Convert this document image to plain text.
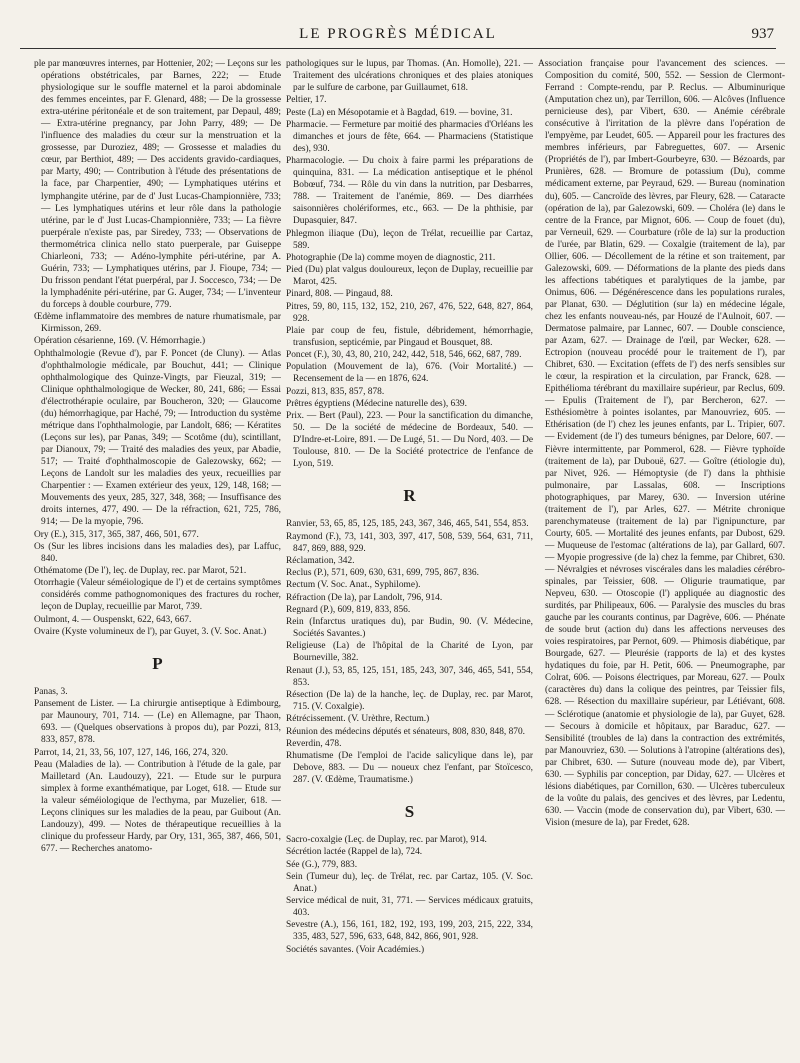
LE PROGRÈS MÉDICAL	937
ple par manœuvres internes, par Hottenier, 202; — Leçons sur les opérations obstétricales, par Barnes, 222; — Etude physiologique sur le souffle maternel et la paroi abdominale des femmes enceintes, par F. Glenard, 488; — De la grossesse extra-utérine péritonéale et de son traitement, par Depaul, 489; — Extra-utérine pregnancy, par John Parry, 489; — De l'influence des maladies du cœur sur la menstruation et la grossesse, par Duroziez, 489; — Grossesse et maladies du cœur, par Berthiot, 489; — Des accidents gravido-cardiaques, par Marty, 490; — Contribution à l'étude des présentations de la face, par Charpentier, 490; — Lymphatiques utérins et lymphangite utérine, par de d' Just Lucas-Championnière, 733; — Les lymphatiques utérins et leur rôle dans la pathologie utérine, par le d' Just Lucas-Championnière, 733; — La fièvre puerpérale n'existe pas, par Siredey, 733; — Observations de thermométrica clinica nello stato puerperale, par Guiseppe Chiarleoni, 733; — Adéno-lymphite péri-utérine, par A. Guérin, 733; — Lymphatiques utérins, par J. Fioupe, 734; — Du frisson pendant l'état puerpéral, par J. Soccesco, 734; — De la lymphadénite péri-utérine, par G. Auger, 734; — L'inventeur du forceps à double courbure, 779.
Œdème inflammatoire des membres de nature rhumatismale, par Kirmisson, 269.
Opération césarienne, 169. (V. Hémorrhagie.)
Ophthalmologie (Revue d'), par F. Poncet (de Cluny). — Atlas d'ophthalmologie médicale, par Bouchut, 441; — Clinique ophthalmologique des Quinze-Vingts, par Fieuzal, 319; — Clinique ophthalmologique de Wecker, 80, 241, 686; — Essai d'électrothérapie oculaire, par Boucheron, 320; — Glaucome (du) hémorrhagique, par Haché, 79; — Introduction du système métrique dans l'ophthalmologie, par Landolt, 686; — Kératites (Leçons sur les), par Panas, 349; — Scotôme (du), scintillant, par Dianoux, 79; — Traité des maladies des yeux, par Abadie, 517; — Traité d'ophthalmoscopie de Galezowsky, 662; — Leçons de Landolt sur les maladies des yeux, recueillies par Charpentier : — Examen extérieur des yeux, 129, 148, 168; — Mouvements des yeux, 285, 327, 348, 368; — Insuffisance des droits internes, 477, 490. — De la réfraction, 621, 725, 786, 914; — De la myopie, 796.
Ory (E.), 315, 317, 365, 387, 466, 501, 677.
Os (Sur les libres incisions dans les maladies des), par Laffuc, 840.
Othématome (De l'), leç. de Duplay, rec. par Marot, 521.
Otorrhagie (Valeur séméiologique de l') et de certains symptômes considérés comme pathognomoniques des fractures du rocher, leçon de Duplay, recueillie par Marot, 739.
Oulmont, 4. — Ouspenskt, 622, 643, 667.
Ovaire (Kyste volumineux de l'), par Guyet, 3. (V. Soc. Anat.)
P
Panas, 3.
Pansement de Lister. — La chirurgie antiseptique à Edimbourg, par Maunoury, 701, 714. — (Le) en Allemagne, par Thaon, 693. — (Quelques observations à propos du), par Pozzi, 813, 833, 857, 878.
Parrot, 14, 21, 33, 56, 107, 127, 146, 166, 274, 320.
Peau (Maladies de la). — Contribution à l'étude de la gale, par Mailletard (An. Laudouzy), 221. — Etude sur le purpura simplex à forme exanthématique, par Loget, 618. — Etude sur la valeur séméiologique de l'ecthyma, par Muzelier, 618. — Leçons cliniques sur les maladies de la peau, par Guibout (An. Landouzy), 499. — Notes de thérapeutique recueillies à la clinique du professeur Hardy, par Ory, 131, 365, 387, 466, 501, 677. — Recherches anatomo-
pathologiques sur le lupus, par Thomas. (An. Homolle), 221. — Traitement des ulcérations chroniques et des plaies atoniques par le sulfure de carbone, par Guillaumet, 618.
Peltier, 17.
Peste (La) en Mésopotamie et à Bagdad, 619. — bovine, 31.
Pharmacie. — Fermeture par moitié des pharmacies d'Orléans les dimanches et jours de fête, 664. — Pharmaciens (Statistique des), 930.
Pharmacologie. — Du choix à faire parmi les préparations de quinquina, 831. — La médication antiseptique et le phénol Bobœuf, 734. — Rôle du vin dans la nutrition, par Desbarres, 788. — Traitement de l'anémie, 869. — Des diarrhées saisonnières cholériformes, etc., 663. — De la phthisie, par Dupasquier, 847.
Phlegmon iliaque (Du), leçon de Trélat, recueillie par Cartaz, 589.
Photographie (De la) comme moyen de diagnostic, 211.
Pied (Du) plat valgus douloureux, leçon de Duplay, recueillie par Marot, 425.
Pinard, 808. — Pingaud, 88.
Pitres, 59, 80, 115, 132, 152, 210, 267, 476, 522, 648, 827, 864, 928.
Plaie par coup de feu, fistule, débridement, hémorrhagie, transfusion, septicémie, par Pingaud et Bousquet, 88.
Poncet (F.), 30, 43, 80, 210, 242, 442, 518, 546, 662, 687, 789.
Population (Mouvement de la), 676. (Voir Mortalité.) — Recensement de la — en 1876, 624.
Pozzi, 813, 835, 857, 878.
Prêtres égyptiens (Médecine naturelle des), 639.
Prix. — Bert (Paul), 223. — Pour la sanctification du dimanche, 50. — De la société de médecine de Bordeaux, 540. — D'Indre-et-Loire, 891. — De Lugé, 51. — Du Nord, 403. — De Toulouse, 810. — De la Société protectrice de l'enfance de Lyon, 519.
R
Ranvier, 53, 65, 85, 125, 185, 243, 367, 346, 465, 541, 554, 853.
Raymond (F.), 73, 141, 303, 397, 417, 508, 539, 564, 631, 711, 847, 869, 888, 929.
Réclamation, 342.
Reclus (P.), 571, 609, 630, 631, 699, 795, 867, 836.
Rectum (V. Soc. Anat., Syphilome).
Réfraction (De la), par Landolt, 796, 914.
Regnard (P.), 609, 819, 833, 856.
Rein (Infarctus uratiques du), par Budin, 90. (V. Médecine, Sociétés Savantes.)
Religieuse (La) de l'hôpital de la Charité de Lyon, par Bourneville, 382.
Renaut (J.), 53, 85, 125, 151, 185, 243, 307, 346, 465, 541, 554, 853.
Résection (De la) de la hanche, leç. de Duplay, rec. par Marot, 715. (V. Coxalgie).
Rétrécissement. (V. Urèthre, Rectum.)
Réunion des médecins députés et sénateurs, 808, 830, 848, 870.
Reverdin, 478.
Rhumatisme (De l'emploi de l'acide salicylique dans le), par Debove, 883. — Du — noueux chez l'enfant, par Stoïcesco, 287. (V. Œdème, Traumatisme.)
S
Sacro-coxalgie (Leç. de Duplay, rec. par Marot), 914.
Sécrétion lactée (Rappel de la), 724.
Sée (G.), 779, 883.
Sein (Tumeur du), leç. de Trélat, rec. par Cartaz, 105. (V. Soc. Anat.)
Service médical de nuit, 31, 771. — Services médicaux gratuits, 403.
Sevestre (A.), 156, 161, 182, 192, 193, 199, 203, 215, 222, 334, 335, 483, 527, 596, 633, 648, 842, 866, 901, 928.
Sociétés savantes. (Voir Académies.)
Association française pour l'avancement des sciences. — Composition du comité, 500, 552. — Session de Clermont-Ferrand : Compte-rendu, par P. Reclus. — Albuminurique (Amputation chez un), par Terrillon, 606. — Alcôves (Influence pernicieuse des), par Vibert, 630. — Anémie cérébrale consécutive à l'irritation de la plèvre dans l'opération de l'empyème, par Leudet, 605. — Appareil pour les fractures des membres inférieurs, par Fabreguettes, 607. — Arsenic (Propriétés de l'), par Imbert-Gourbeyre, 630. — Bézoards, par Prunières, 628. — Bromure de potassium (Du), comme médicament externe, par Peyraud, 629. — Bureau (nomination du), 605. — Cancroïde des lèvres, par Fleury, 628. — Cataracte (opération de la), par Galezowski, 609. — Choléra (le) dans le centre de la France, par Mignot, 606. — Coup de fouet (du), par Verneuil, 629. — Courbature (rôle de la) sur la production de l'urée, par Blatin, 629. — Coxalgie (traitement de la), par Ollier, 606. — Décollement de la rétine et son traitement, par Galezowski, 609. — Déformations de la plante des pieds dans les affections tabétiques et paralytiques de la jambe, par Onimus, 606. — Dégénérescence dans les populations rurales, par Planat, 630. — Déglutition (sur la) en médecine légale, chez les enfants nouveau-nés, par Houzé de l'Aulnoit, 607. — Dermatose palmaire, par Lannec, 607. — Double conscience, par Azam, 627. — Drainage de l'œil, par Wecker, 628. — Ectropion (nouveau procédé pour le traitement de l'), par Chibret, 630. — Excitation (effets de l') des nerfs sensibles sur le cœur, la respiration et la circulation, par Franck, 628. — Epithélioma térébrant du maxillaire supérieur, par Reclus, 609. — Epulis (Traitement de l'), par Bercheron, 627. — Esthésiomètre à pointes isolantes, par Manouvriez, 605. — Ethérisation (de l') chez les jeunes enfants, par L. Tripier, 607. — Evidement (de l') des tumeurs bénignes, par Delore, 607. — Fièvre intermittente, par Pommerol, 628. — Fièvre typhoïde (traitement de la), par Dubouë, 627. — Goître (étiologie du), par Nivet, 926. — Hémoptysie (de l') dans la phthisie pulmonaire, par Lassalas, 608. — Inscriptions photographiques, par Marey, 630. — Inversion utérine (traitement de l'), par Arles, 627. — Métrite chronique parenchymateuse (traitement de la) par l'ignipuncture, par Courty, 605. — Mortalité des jeunes enfants, par Dubost, 629. — Muqueuse de l'estomac (altérations de la), par Gallard, 607. — Myopie progressive (de la) chez la femme, par Chibret, 630. — Névralgies et névroses viscérales dans les maladies cérébro-spinales, par Teissier, 608. — Oligurie traumatique, par Nepveu, 630. — Otoscopie (l') appliquée au diagnostic des surdités, par Philipeaux, 606. — Paralysie des muscles du bras gauche par les courants continus, par Dagrève, 606. — Phénate de soude brut (action du) dans les affections nerveuses des voies respiratoires, par Pernot, 609. — Phimosis diabétique, par Bourgade, 627. — Pleurésie (rapports de la) et des kystes hydatiques du foie, par H. Petit, 606. — Pneumographe, par Colrat, 606. — Poisons électriques, par Moreau, 627. — Poulx (caractères du) dans la colique des peintres, par Teissier fils, 628. — Résection du maxillaire supérieur, par Létiévant, 608. — Sclérotique (anatomie et physiologie de la), par Guyet, 628. — Secours à domicile et hôpitaux, par Baraduc, 627. — Sensibilité (troubles de la) dans la contraction des extrémités, par Manouvriez, 630. — Solutions à l'atropine (altérations des), par Chibret, 630. — Suture (nouveau mode de), par Vibert, 630. — Syphilis par conception, par Diday, 627. — Ulcères et lésions diabétiques, par Cornillon, 630. — Ulcères tuberculeux de la voûte du palais, des gencives et des lèvres, par Ledentu, 630. — Vaccin (mode de conservation du), par Vibert, 630. — Vision (mesure de la), par Fredet, 628.
